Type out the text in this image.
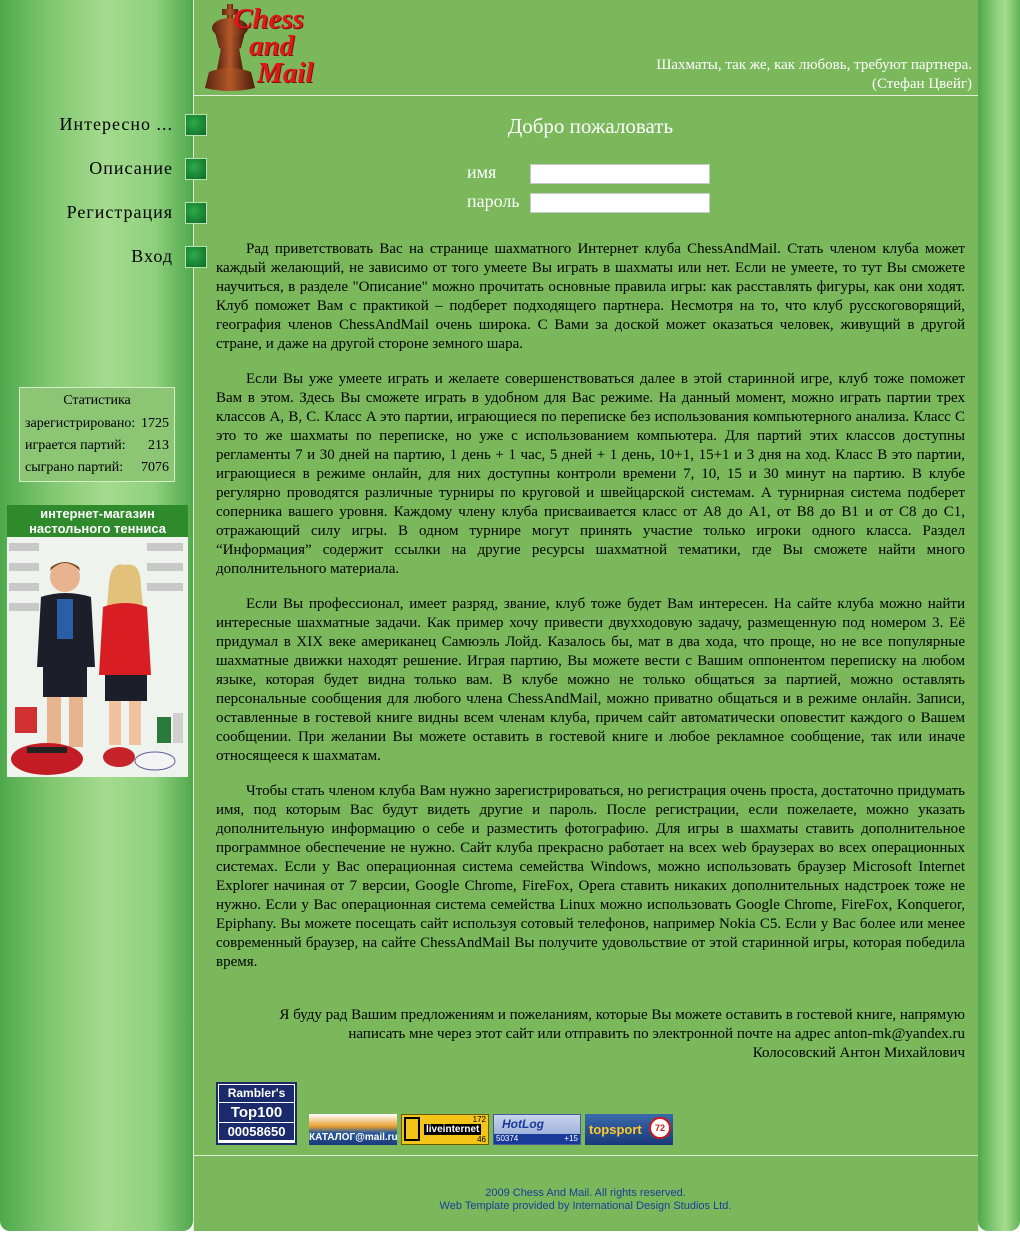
Chess
and
Mail	Шахматы, так же, как любовь, требуют партнера.
(Стефан Цвейг)
Интересно ...
Описание
Регистрация
Вход
Статистика
зарегистрировано: 1725
играется партий: 213
сыграно партий: 7076
интернет-магазин
настольного тенниса
Добро пожаловать
имя
пароль

Рад приветствовать Вас на странице шахматного Интернет клуба ChessAndMail. Стать членом клуба может каждый желающий, не зависимо от того умеете Вы играть в шахматы или нет. Если не умеете, то тут Вы сможете научиться, в разделе "Описание" можно прочитать основные правила игры: как расставлять фигуры, как они ходят. Клуб поможет Вам с практикой – подберет подходящего партнера. Несмотря на то, что клуб русскоговорящий, география членов ChessAndMail очень широка. С Вами за доской может оказаться человек, живущий в другой стране, и даже на другой стороне земного шара.

Если Вы уже умеете играть и желаете совершенствоваться далее в этой старинной игре, клуб тоже поможет Вам в этом. Здесь Вы сможете играть в удобном для Вас режиме. На данный момент, можно играть партии трех классов A, B, C. Класс A это партии, играющиеся по переписке без использования компьютерного анализа. Класс C это то же шахматы по переписке, но уже с использованием компьютера. Для партий этих классов доступны регламенты 7 и 30 дней на партию, 1 день + 1 час, 5 дней + 1 день, 10+1, 15+1 и 3 дня на ход. Класс B это партии, играющиеся в режиме онлайн, для них доступны контроли времени 7, 10, 15 и 30 минут на партию. В клубе регулярно проводятся различные турниры по круговой и швейцарской системам. А турнирная система подберет соперника вашего уровня. Каждому члену клуба присваивается класс от A8 до A1, от B8 до B1 и от C8 до C1, отражающий силу игры. В одном турнире могут принять участие только игроки одного класса. Раздел “Информация” содержит ссылки на другие ресурсы шахматной тематики, где Вы сможете найти много дополнительного материала.

Если Вы профессионал, имеет разряд, звание, клуб тоже будет Вам интересен. На сайте клуба можно найти интересные шахматные задачи. Как пример хочу привести двухходовую задачу, размещенную под номером 3. Её придумал в XIX веке американец Самюэль Лойд. Казалось бы, мат в два хода, что проще, но не все популярные шахматные движки находят решение. Играя партию, Вы можете вести с Вашим оппонентом переписку на любом языке, которая будет видна только вам. В клубе можно не только общаться за партией, можно оставлять персональные сообщения для любого члена ChessAndMail, можно приватно общаться и в режиме онлайн. Записи, оставленные в гостевой книге видны всем членам клуба, причем сайт автоматически оповестит каждого о Вашем сообщении. При желании Вы можете оставить в гостевой книге и любое рекламное сообщение, так или иначе относящееся к шахматам.

Чтобы стать членом клуба Вам нужно зарегистрироваться, но регистрация очень проста, достаточно придумать имя, под которым Вас будут видеть другие и пароль. После регистрации, если пожелаете, можно указать дополнительную информацию о себе и разместить фотографию. Для игры в шахматы ставить дополнительное программное обеспечение не нужно. Сайт клуба прекрасно работает на всех web браузерах во всех операционных системах. Если у Вас операционная система семейства Windows, можно использовать браузер Microsoft Internet Explorer начиная от 7 версии, Google Chrome, FireFox, Opera ставить никаких дополнительных надстроек тоже не нужно. Если у Вас операционная система семейства Linux можно использовать Google Chrome, FireFox, Konqueror, Epiphany. Вы можете посещать сайт используя сотовый телефонов, например Nokia C5. Если у Вас более или менее современный браузер, на сайте ChessAndMail Вы получите удовольствие от этой старинной игры, которая победила время.

Я буду рад Вашим предложениям и пожеланиям, которые Вы можете оставить в гостевой книге, напрямую
написать мне через этот сайт или отправить по электронной почте на адрес anton-mk@yandex.ru
Колосовский Антон Михайлович
Rambler's
Top100
00058650	КАТАЛОГ@mail.ru
liveinternet
172
46
HotLog
50374	+15
topsport	72
2009 Chess And Mail. All rights reserved.
Web Template provided by International Design Studios Ltd.
